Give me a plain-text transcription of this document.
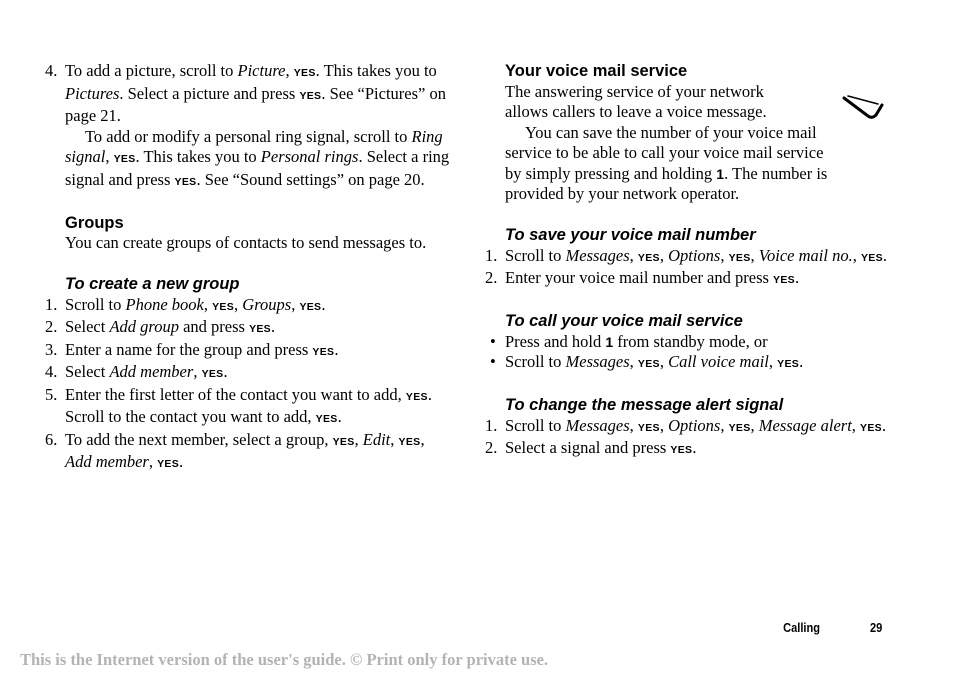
4. To add a picture, scroll to Picture, YES. This takes you to Pictures. Select a picture and press YES. See “Pictures” on page 21.

To add or modify a personal ring signal, scroll to Ring signal, YES. This takes you to Personal rings. Select a ring signal and press YES. See “Sound settings” on page 20.

Groups

You can create groups of contacts to send messages to.

To create a new group
1. Scroll to Phone book, YES, Groups, YES.
2. Select Add group and press YES.
3. Enter a name for the group and press YES.
4. Select Add member, YES.
5. Enter the first letter of the contact you want to add, YES. Scroll to the contact you want to add, YES.
6. To add the next member, select a group, YES, Edit, YES, Add member, YES.
Your voice mail service

The answering service of your network

allows callers to leave a voice message.

You can save the number of your voice mail service to be able to call your voice mail service by simply pressing and holding 1. The number is provided by your network operator.

To save your voice mail number
1. Scroll to Messages, YES, Options, YES, Voice mail no., YES.
2. Enter your voice mail number and press YES.
To call your voice mail service
• Press and hold 1 from standby mode, or
• Scroll to Messages, YES, Call voice mail, YES.
To change the message alert signal
1. Scroll to Messages, YES, Options, YES, Message alert, YES.
2. Select a signal and press YES.
Calling	29
This is the Internet version of the user's guide. © Print only for private use.
